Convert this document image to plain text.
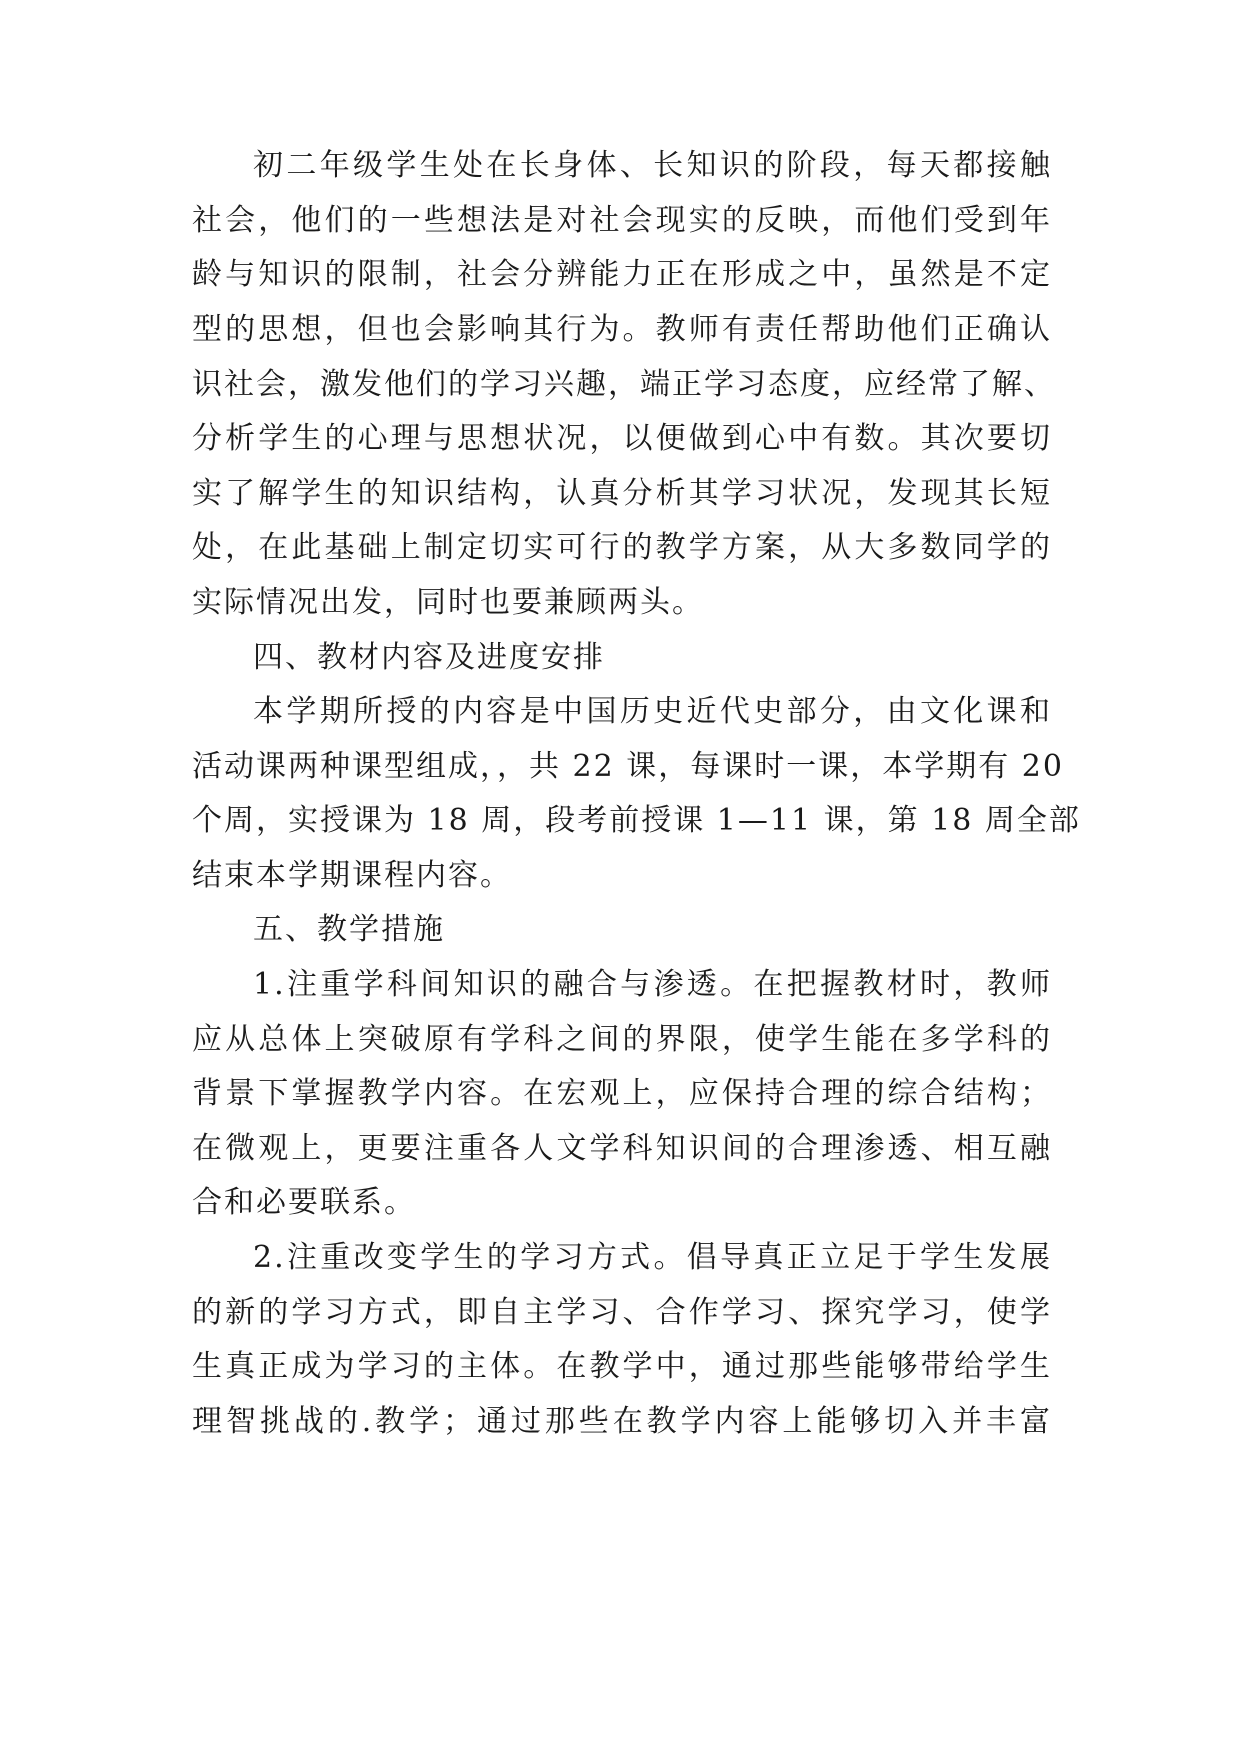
初二年级学生处在长身体、长知识的阶段，每天都接触
社会，他们的一些想法是对社会现实的反映，而他们受到年
龄与知识的限制，社会分辨能力正在形成之中，虽然是不定
型的思想，但也会影响其行为。教师有责任帮助他们正确认
识社会，激发他们的学习兴趣，端正学习态度，应经常了解、
分析学生的心理与思想状况，以便做到心中有数。其次要切
实了解学生的知识结构，认真分析其学习状况，发现其长短
处，在此基础上制定切实可行的教学方案，从大多数同学的
实际情况出发，同时也要兼顾两头。
四、教材内容及进度安排
本学期所授的内容是中国历史近代史部分，由文化课和
活动课两种课型组成，，共 22 课，每课时一课，本学期有 20
个周，实授课为 18 周，段考前授课 1—11 课，第 18 周全部
结束本学期课程内容。
五、教学措施
1.注重学科间知识的融合与渗透。在把握教材时，教师
应从总体上突破原有学科之间的界限，使学生能在多学科的
背景下掌握教学内容。在宏观上，应保持合理的综合结构；
在微观上，更要注重各人文学科知识间的合理渗透、相互融
合和必要联系。
2.注重改变学生的学习方式。倡导真正立足于学生发展
的新的学习方式，即自主学习、合作学习、探究学习，使学
生真正成为学习的主体。在教学中，通过那些能够带给学生
理智挑战的.教学；通过那些在教学内容上能够切入并丰富
